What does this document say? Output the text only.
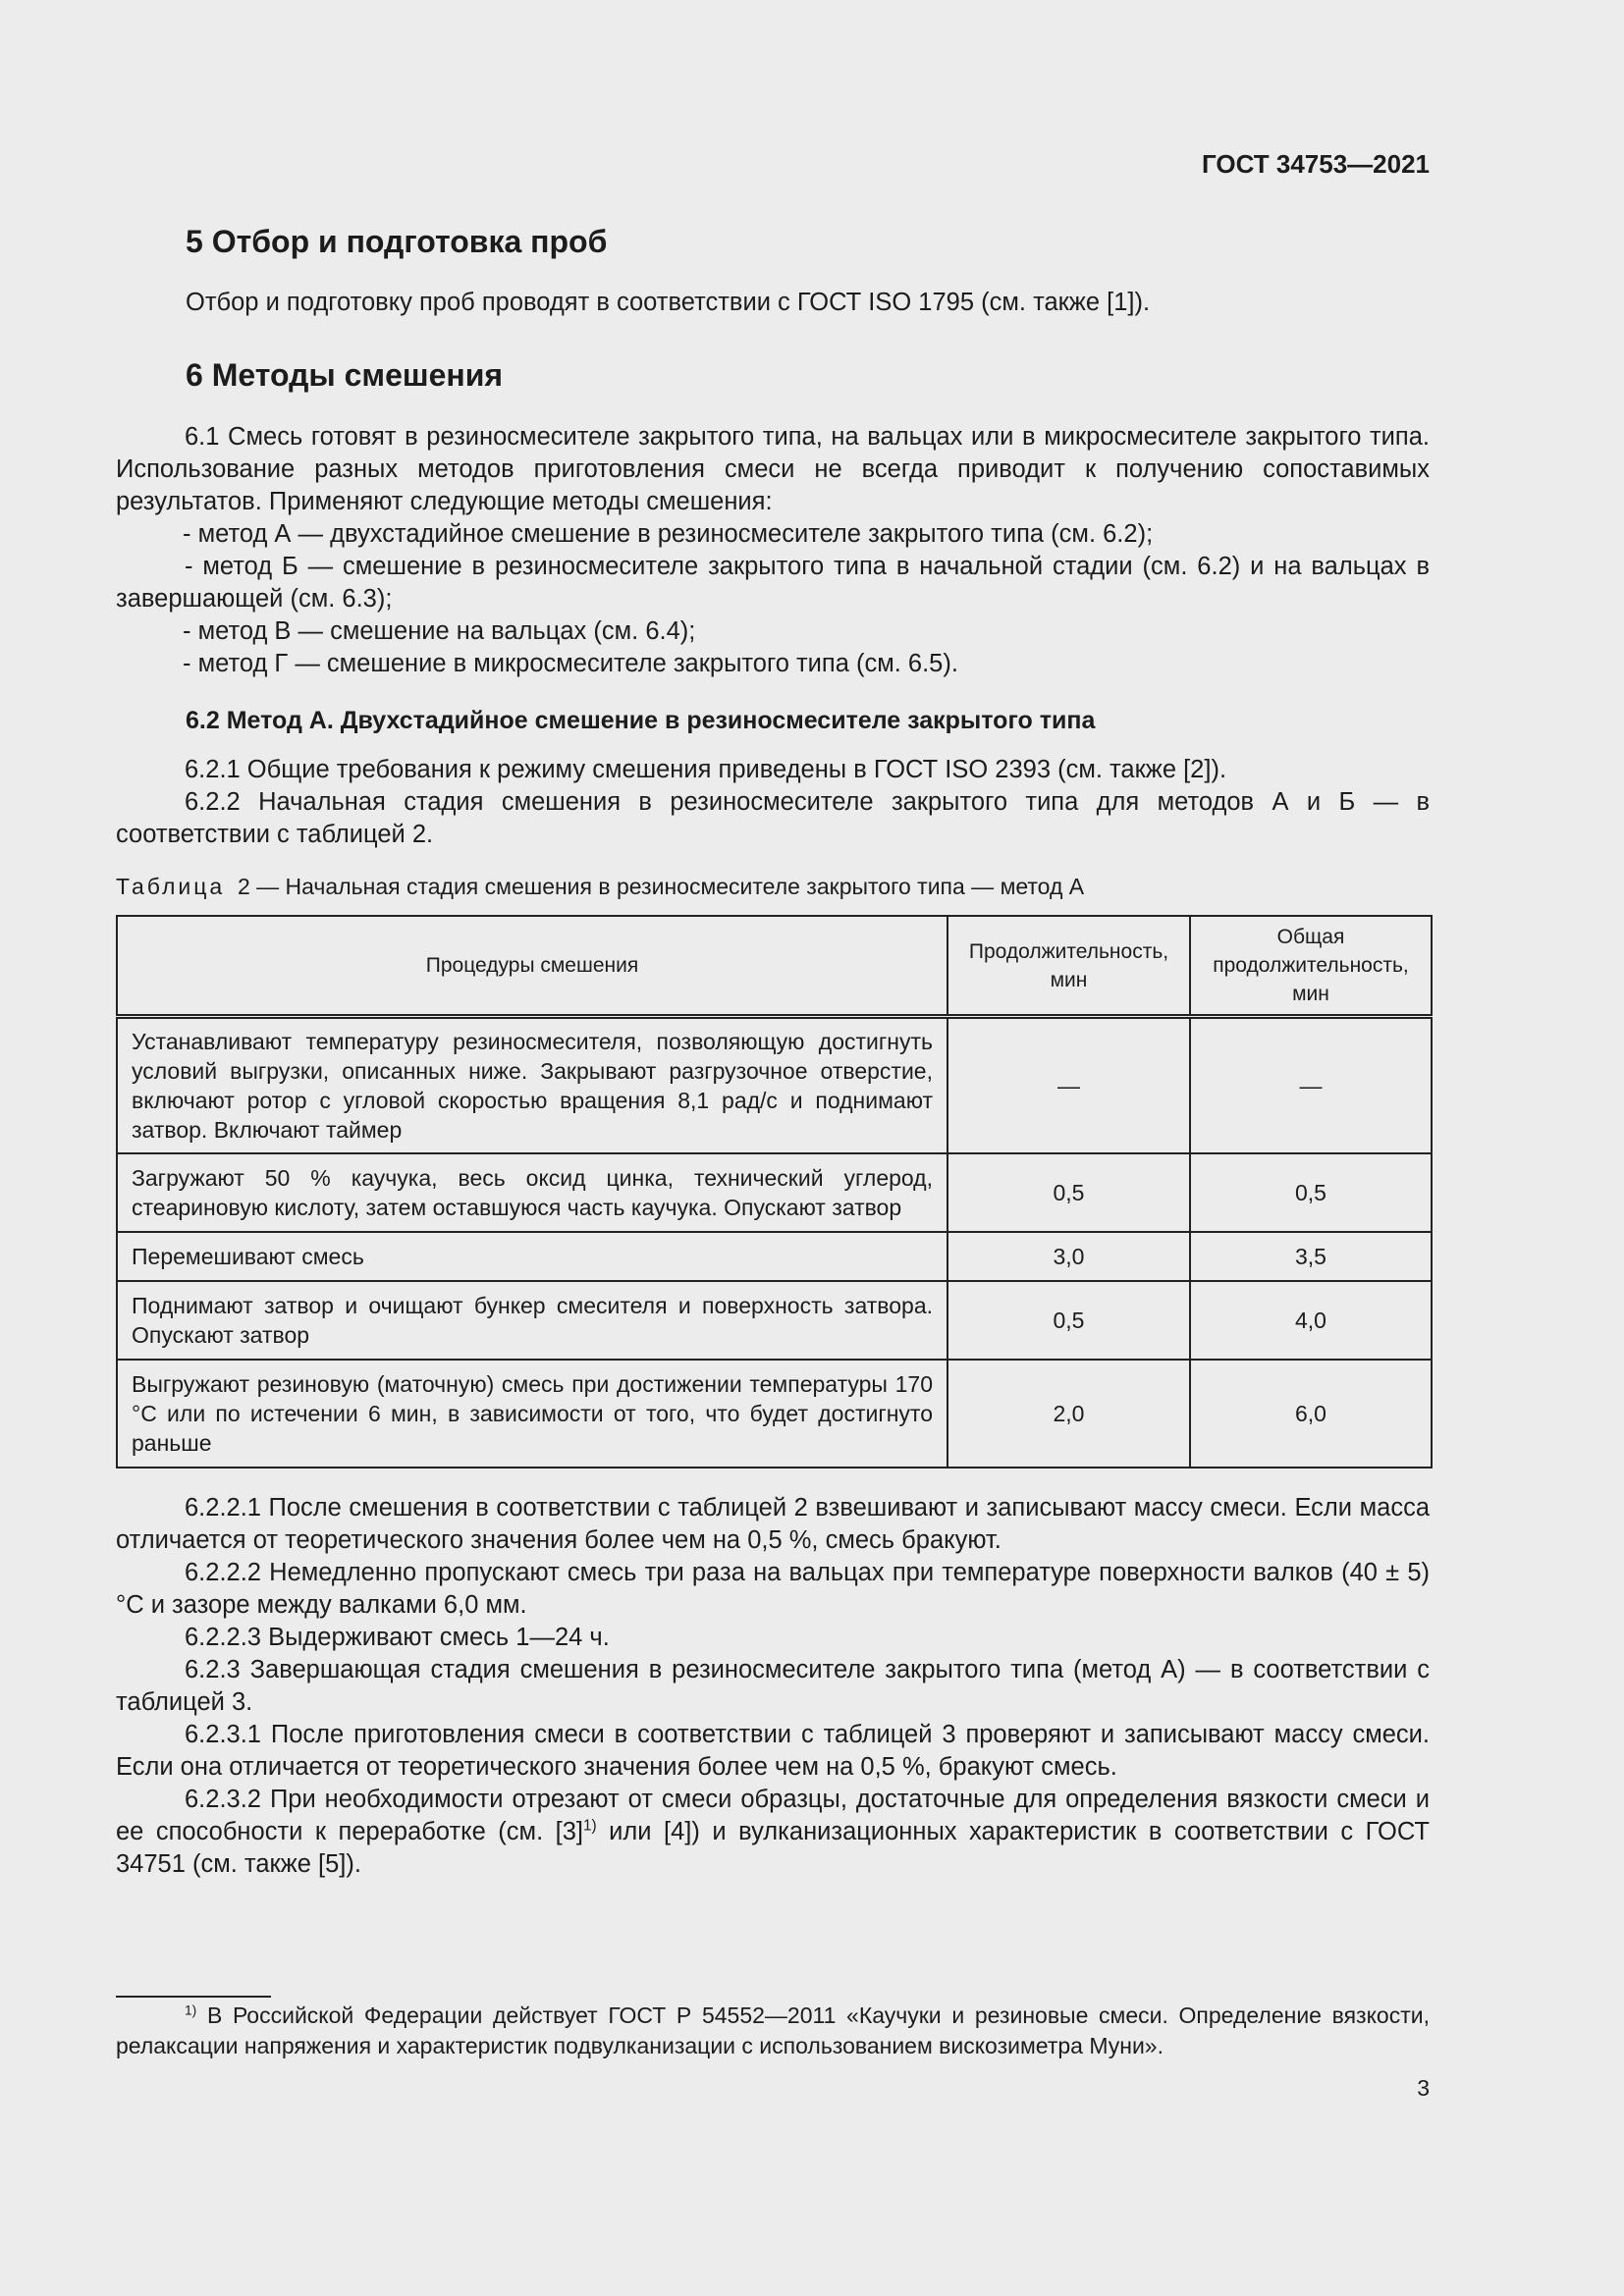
ГОСТ 34753—2021
5 Отбор и подготовка проб
Отбор и подготовку проб проводят в соответствии с ГОСТ ISO 1795 (см. также [1]).
6 Методы смешения
6.1 Смесь готовят в резиносмесителе закрытого типа, на вальцах или в микросмесителе закрытого типа. Использование разных методов приготовления смеси не всегда приводит к получению сопоставимых результатов. Применяют следующие методы смешения:
- метод А — двухстадийное смешение в резиносмесителе закрытого типа (см. 6.2);
- метод Б — смешение в резиносмесителе закрытого типа в начальной стадии (см. 6.2) и на вальцах в завершающей (см. 6.3);
- метод В — смешение на вальцах (см. 6.4);
- метод Г — смешение в микросмесителе закрытого типа (см. 6.5).
6.2 Метод А. Двухстадийное смешение в резиносмесителе закрытого типа
6.2.1 Общие требования к режиму смешения приведены в ГОСТ ISO 2393 (см. также [2]).
6.2.2 Начальная стадия смешения в резиносмесителе закрытого типа для методов А и Б — в соответствии с таблицей 2.
Таблица 2 — Начальная стадия смешения в резиносмесителе закрытого типа — метод А
Процедуры смешения	Продолжительность, мин	Общая продолжительность, мин
Устанавливают температуру резиносмесителя, позволяющую достигнуть условий выгрузки, описанных ниже. Закрывают разгрузочное отверстие, включают ротор с угловой скоростью вращения 8,1 рад/с и поднимают затвор. Включают таймер	—	—
Загружают 50 % каучука, весь оксид цинка, технический углерод, стеариновую кислоту, затем оставшуюся часть каучука. Опускают затвор	0,5	0,5
Перемешивают смесь	3,0	3,5
Поднимают затвор и очищают бункер смесителя и поверхность затвора. Опускают затвор	0,5	4,0
Выгружают резиновую (маточную) смесь при достижении температуры 170 °С или по истечении 6 мин, в зависимости от того, что будет достигнуто раньше	2,0	6,0
6.2.2.1 После смешения в соответствии с таблицей 2 взвешивают и записывают массу смеси. Если масса отличается от теоретического значения более чем на 0,5 %, смесь бракуют.
6.2.2.2 Немедленно пропускают смесь три раза на вальцах при температуре поверхности валков (40 ± 5) °С и зазоре между валками 6,0 мм.
6.2.2.3 Выдерживают смесь 1—24 ч.
6.2.3 Завершающая стадия смешения в резиносмесителе закрытого типа (метод А) — в соответствии с таблицей 3.
6.2.3.1 После приготовления смеси в соответствии с таблицей 3 проверяют и записывают массу смеси. Если она отличается от теоретического значения более чем на 0,5 %, бракуют смесь.
6.2.3.2 При необходимости отрезают от смеси образцы, достаточные для определения вязкости смеси и ее способности к переработке (см. $[3]^{1)}$ или [4]) и вулканизационных характеристик в соответствии с ГОСТ 34751 (см. также [5]).
$^{1)}$ В Российской Федерации действует ГОСТ Р 54552—2011 «Каучуки и резиновые смеси. Определение вязкости, релаксации напряжения и характеристик подвулканизации с использованием вискозиметра Муни».
3
